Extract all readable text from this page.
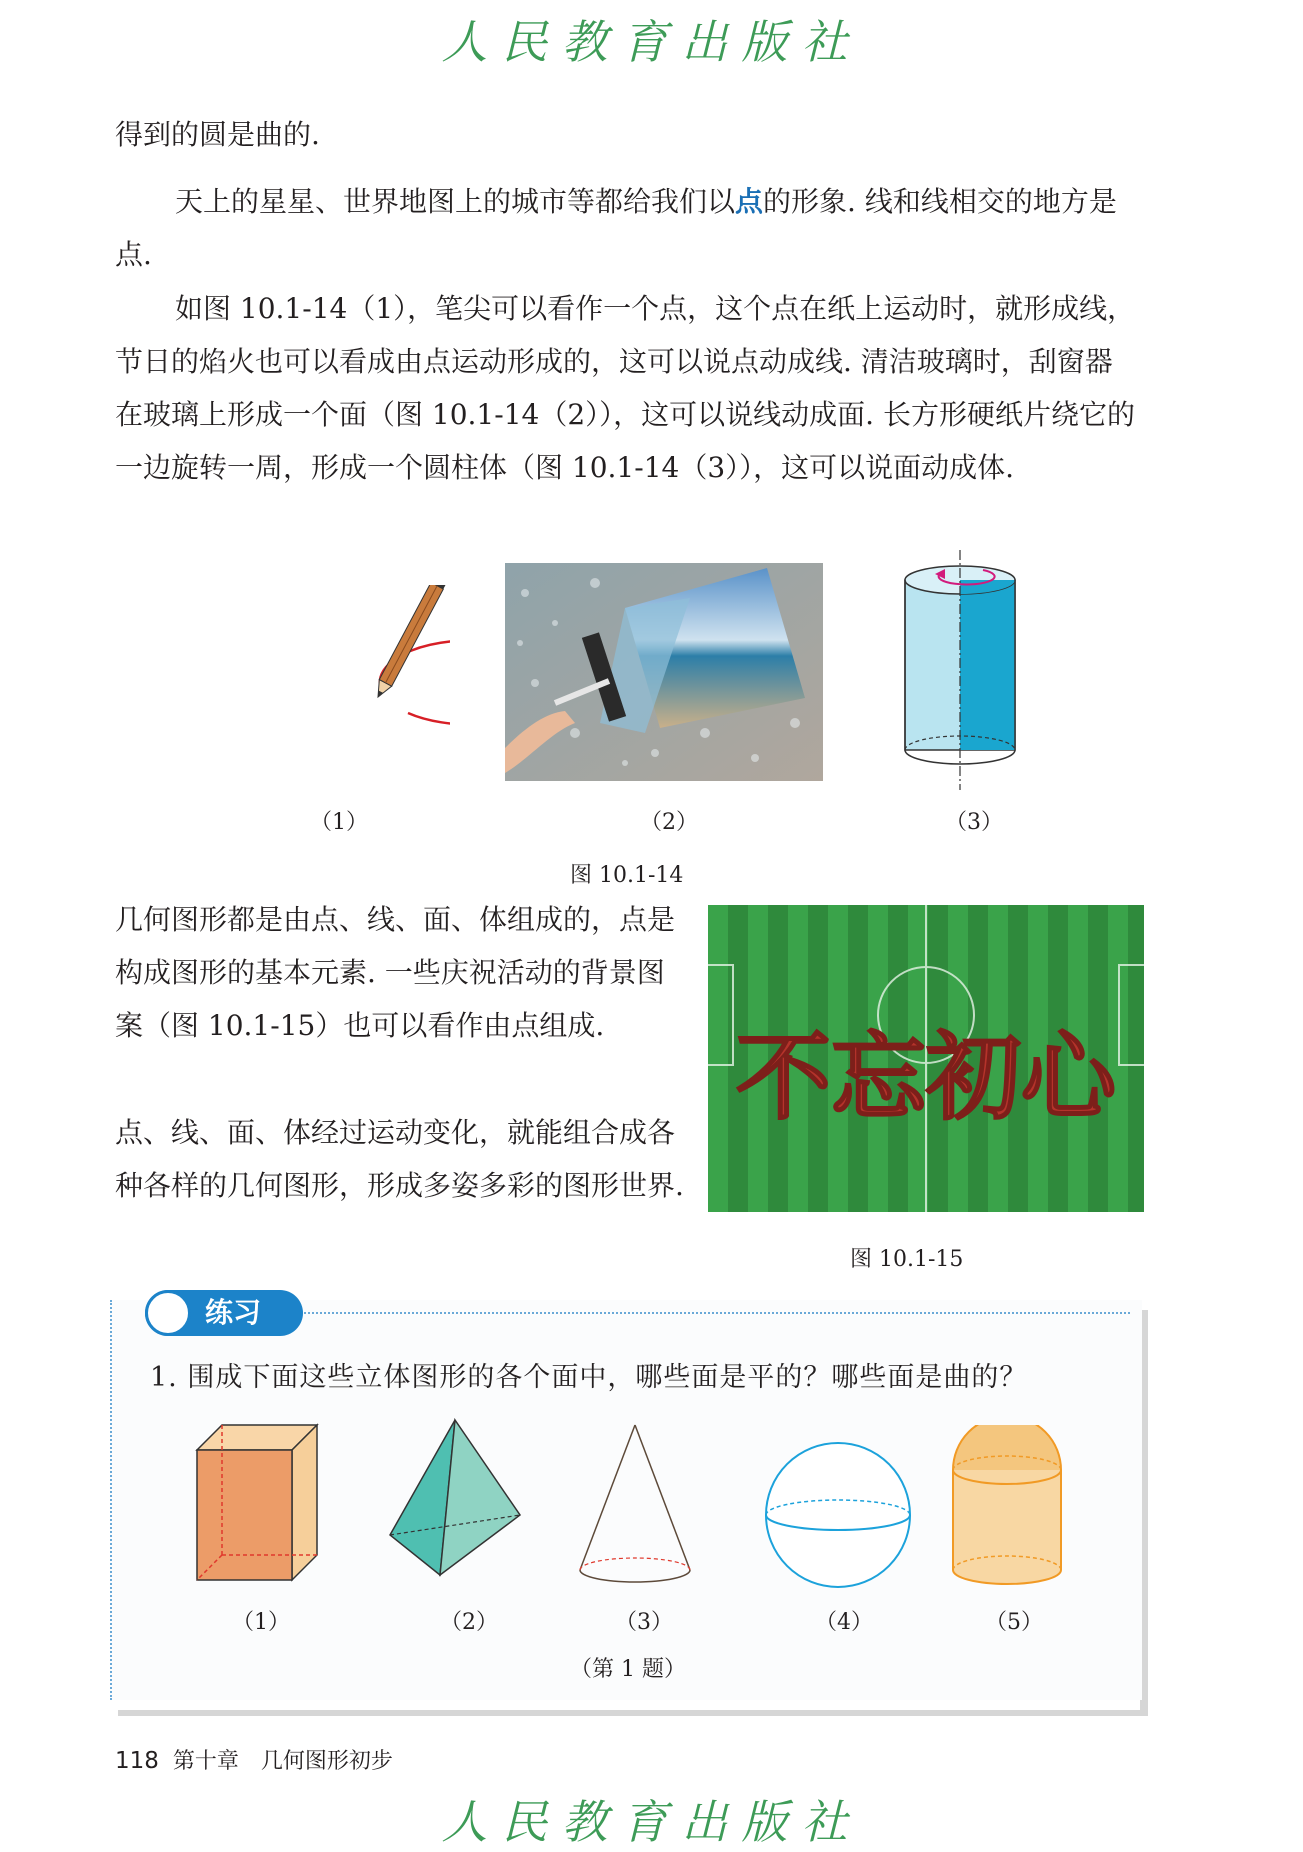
人民教育出版社

得到的圆是曲的.

天上的星星、世界地图上的城市等都给我们以点的形象. 线和线相交的地方是点.

如图 10.1-14（1），笔尖可以看作一个点，这个点在纸上运动时，就形成线，节日的焰火也可以看成由点运动形成的，这可以说点动成线. 清洁玻璃时，刮窗器在玻璃上形成一个面（图 10.1-14（2）），这可以说线动成面. 长方形硬纸片绕它的一边旋转一周，形成一个圆柱体（图 10.1-14（3）），这可以说面动成体.

（1）	（2）	（3）
图 10.1-14

几何图形都是由点、线、面、体组成的，点是构成图形的基本元素. 一些庆祝活动的背景图案（图 10.1-15）也可以看作由点组成.

点、线、面、体经过运动变化，就能组合成各种各样的几何图形，形成多姿多彩的图形世界.

不忘初心
图 10.1-15
练习
1. 围成下面这些立体图形的各个面中，哪些面是平的？哪些面是曲的？
（1）	（2）	（3）	（4）	（5）
（第 1 题）
118 第十章　几何图形初步
人民教育出版社
